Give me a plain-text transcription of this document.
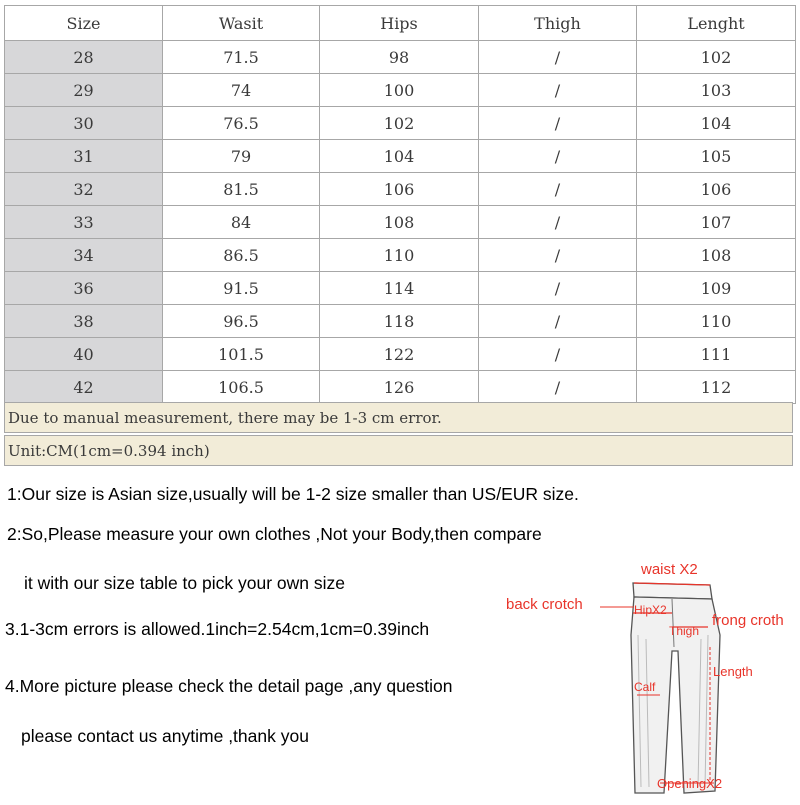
Size	Wasit	Hips	Thigh	Lenght
28	71.5	98	/	102
29	74	100	/	103
30	76.5	102	/	104
31	79	104	/	105
32	81.5	106	/	106
33	84	108	/	107
34	86.5	110	/	108
36	91.5	114	/	109
38	96.5	118	/	110
40	101.5	122	/	111
42	106.5	126	/	112
Due to manual measurement, there may be 1-3 cm error.
Unit:CM(1cm=0.394 inch)
1:Our size is Asian size,usually will be 1-2 size smaller than US/EUR size.
2:So,Please measure your own clothes ,Not your Body,then compare
it with our size table to pick your own size
3.1-3cm errors is allowed.1inch=2.54cm,1cm=0.39inch
4.More picture please check the detail page ,any question
please contact us anytime ,thank you
waist X2
back crotch	HipX2
Thigh
frong croth
Length
Calf
OpeningX2
